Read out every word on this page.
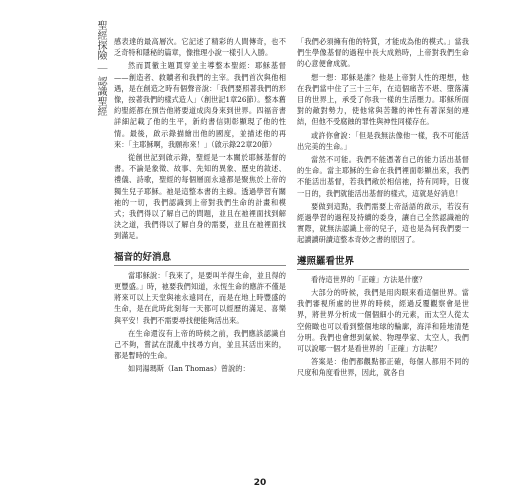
聖經探險 ｜ 認識聖經

感表達的最高層次。它記述了精彩的人間傳奇，也不乏奇特和隱秘的篇章，像推理小說一樣引人入勝。

然而貫徹主題貫穿並主導整本聖經：耶穌基督——創造者、救贖者和我們的主宰。我們首次與他相遇，是在創造之時有個聲音說：「我們要照著我們的形像，按著我們的樣式造人」（創世記1章26節）。整本舊約聖經都在預告他將要道成肉身來到世界。四福音書詳細記載了他的生平，新約書信則彰顯現了他的性情。最後，啟示錄描繪出他的國度，並描述他的再來：「主耶穌啊，我願祢來！」（啟示錄22章20節）

從創世記到啟示錄，聖經是一本關於耶穌基督的書。不論是象徵、故事、先知的異象、歷史的敘述、禮儀、詩歌，聖經的每個層面永遠都是聚焦於上帝的獨生兒子耶穌。祂是這整本書的主線。透過學習有關祂的一切，我們認識到上帝對我們生命的計畫和模式；我們得以了解自己的問題，並且在祂裡面找到解決之道，我們得以了解自身的需要，並且在祂裡面找到滿足。

福音的好消息

當耶穌說：「我來了，是要叫羊得生命，並且得的更豐盛。」時，祂要我們知道，永恆生命的應許不僅是將來可以上天堂與祂永遠同在，而是在地上時豐盛的生命，是在此時此刻每一天都可以經歷的滿足、喜樂與平安！我們不需要尋找便能夠活出來。

在生命還沒有上帝的時候之前，我們應該認識自己不夠，嘗試在混亂中找尋方向，並且其活出來的，都是暫時的生命。

如同湯瑪斯（Ian Thomas）曾說的：

「我們必須擁有他的特質，才能成為他的模式。」當我們生學像基督的過程中長大成熟時，上帝對我們生命的心意便會成就。

想一想：耶穌是誰？他是上帝對人性的理想，他在我們當中住了三十三年，在這個痛苦不堪、墮落滿目的世界上，承受了你我一樣的生活壓力。耶穌所面對的敵對勢力，使他常與苦難的神性有著深刻的連結，但他不受腐蝕的罪性與神性同樣存在。

或許你會說：「但是我無法像他一樣，我不可能活出完美的生命。」

當然不可能。我們不能憑著自己的能力活出基督的生命。當主耶穌的生命在我們裡面彰顯出來，我們不能活出基督，若我們敞於相信祂，持有同時，日復一日的，我們就能活出基督的樣式，這就是好消息！

要做到這點，我們需要上帝話語的啟示，若沒有經過學習的過程及持續的委身，讓自己全然認識祂的實際，就無法認識上帝的兒子，這也是為何我們要一起讀讀研讀這整本奇妙之書的原因了。

遵照羅看世界

看待這世界的「正確」方法是什麼？

大部分的時候，我們是用肉眼來看這個世界。當我們審視所處的世界的時候，經過反覆觀察會是世界，將世界分析成一個個細小的元素，而太空人從太空俯瞰也可以看到整個地球的輪廓，海洋和陸地清楚分明。我們也會想到氣候、物理學家、太空人，我們可以說哪一個才是看世界的「正確」方法呢？

答案是：他們都觀點都正確，每個人都用不同的尺度和角度看世界，因此，就各自

20
